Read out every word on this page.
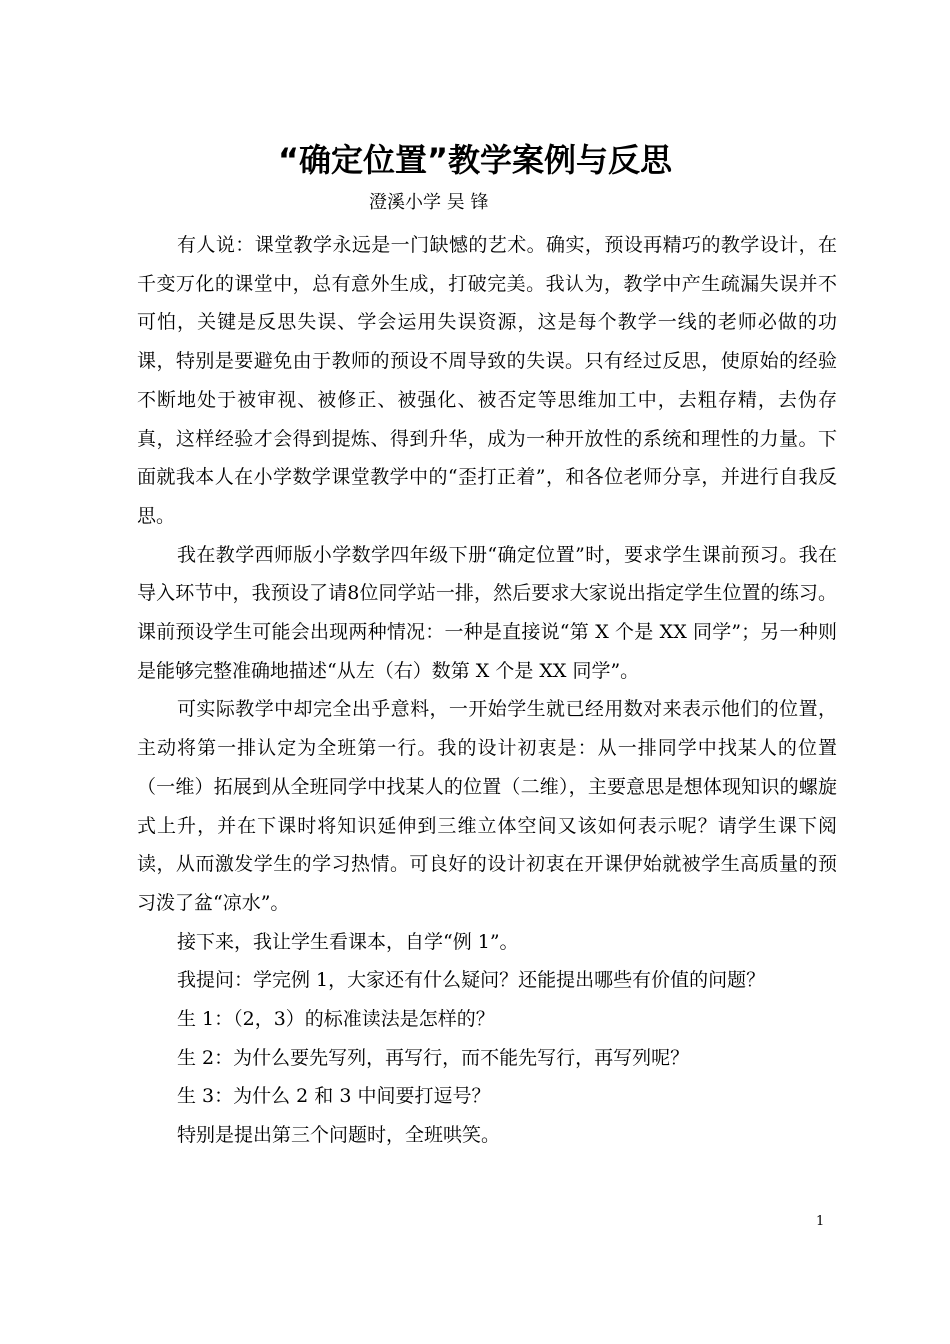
“确定位置”教学案例与反思

澄溪小学 吴 锋

有人说：课堂教学永远是一门缺憾的艺术。确实，预设再精巧的教学设计，在千变万化的课堂中，总有意外生成，打破完美。我认为，教学中产生疏漏失误并不可怕，关键是反思失误、学会运用失误资源，这是每个教学一线的老师必做的功课，特别是要避免由于教师的预设不周导致的失误。只有经过反思，使原始的经验不断地处于被审视、被修正、被强化、被否定等思维加工中，去粗存精，去伪存真，这样经验才会得到提炼、得到升华，成为一种开放性的系统和理性的力量。下面就我本人在小学数学课堂教学中的“歪打正着”，和各位老师分享，并进行自我反思。

我在教学西师版小学数学四年级下册“确定位置”时，要求学生课前预习。我在导入环节中，我预设了请8位同学站一排，然后要求大家说出指定学生位置的练习。课前预设学生可能会出现两种情况：一种是直接说“第 X 个是 XX 同学”；另一种则是能够完整准确地描述“从左（右）数第 X 个是 XX 同学”。

可实际教学中却完全出乎意料，一开始学生就已经用数对来表示他们的位置，主动将第一排认定为全班第一行。我的设计初衷是：从一排同学中找某人的位置（一维）拓展到从全班同学中找某人的位置（二维），主要意思是想体现知识的螺旋式上升，并在下课时将知识延伸到三维立体空间又该如何表示呢？请学生课下阅读，从而激发学生的学习热情。可良好的设计初衷在开课伊始就被学生高质量的预习泼了盆“凉水”。

接下来，我让学生看课本，自学“例 1”。

我提问：学完例 1，大家还有什么疑问？还能提出哪些有价值的问题？

生 1：（2，3）的标准读法是怎样的？

生 2：为什么要先写列，再写行，而不能先写行，再写列呢？

生 3：为什么 2 和 3 中间要打逗号？

特别是提出第三个问题时，全班哄笑。

1
